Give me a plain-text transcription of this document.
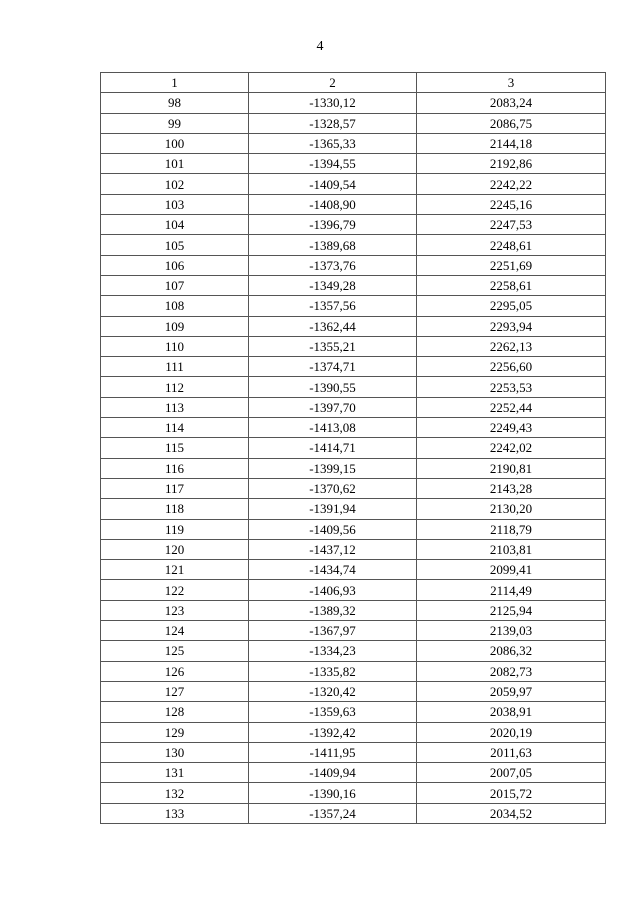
4
1	2	3
98	-1330,12	2083,24
99	-1328,57	2086,75
100	-1365,33	2144,18
101	-1394,55	2192,86
102	-1409,54	2242,22
103	-1408,90	2245,16
104	-1396,79	2247,53
105	-1389,68	2248,61
106	-1373,76	2251,69
107	-1349,28	2258,61
108	-1357,56	2295,05
109	-1362,44	2293,94
110	-1355,21	2262,13
111	-1374,71	2256,60
112	-1390,55	2253,53
113	-1397,70	2252,44
114	-1413,08	2249,43
115	-1414,71	2242,02
116	-1399,15	2190,81
117	-1370,62	2143,28
118	-1391,94	2130,20
119	-1409,56	2118,79
120	-1437,12	2103,81
121	-1434,74	2099,41
122	-1406,93	2114,49
123	-1389,32	2125,94
124	-1367,97	2139,03
125	-1334,23	2086,32
126	-1335,82	2082,73
127	-1320,42	2059,97
128	-1359,63	2038,91
129	-1392,42	2020,19
130	-1411,95	2011,63
131	-1409,94	2007,05
132	-1390,16	2015,72
133	-1357,24	2034,52
